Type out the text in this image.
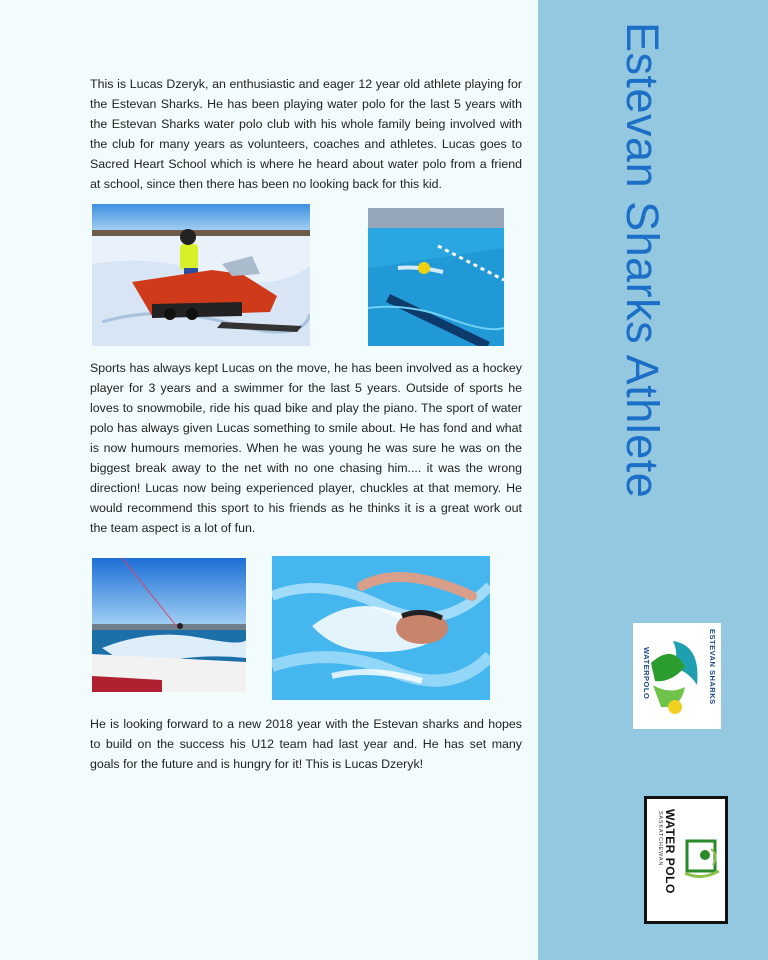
This is Lucas Dzeryk, an enthusiastic and eager 12 year old athlete playing for the Estevan Sharks. He has been playing water polo for the last 5 years with the Estevan Sharks water polo club with his whole family being involved with the club for many years as volunteers, coaches and athletes. Lucas goes to Sacred Heart School which is where he heard about water polo from a friend at school, since then there has been no looking back for this kid.

Sports has always kept Lucas on the move, he has been involved as a hockey player for 3 years and a swimmer for the last 5 years. Outside of sports he loves to snowmobile, ride his quad bike and play the piano. The sport of water polo has always given Lucas something to smile about. He has fond and what is now humours memories. When he was young he was sure he was on the biggest break away to the net with no one chasing him.... it was the wrong direction! Lucas now being experienced player, chuckles at that memory. He would recommend this sport to his friends as he thinks it is a great work out the team aspect is a lot of fun.

He is looking forward to a new 2018 year with the Estevan sharks and hopes to build on the success his U12 team had last year and. He has set many goals for the future and is hungry for it! This is Lucas Dzeryk!

Estevan Sharks Athlete
ESTEVAN SHARKS
WATERPOLO
WATER POLO
SASKATCHEWAN
